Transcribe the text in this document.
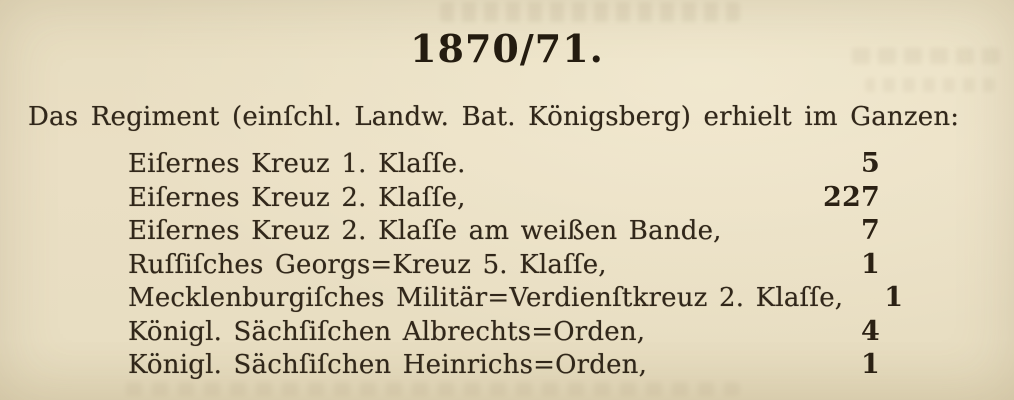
1870/71.
Das Regiment (einſchl. Landw. Bat. Königsberg) erhielt im Ganzen:
Eiſernes Kreuz 1. Klaſſe.	5
Eiſernes Kreuz 2. Klaſſe,	227
Eiſernes Kreuz 2. Klaſſe am weißen Bande,	7
Ruſſiſches Georgs=Kreuz 5. Klaſſe,	1
Mecklenburgiſches Militär=Verdienſtkreuz 2. Klaſſe,	1
Königl. Sächſiſchen Albrechts=Orden,	4
Königl. Sächſiſchen Heinrichs=Orden,	1
